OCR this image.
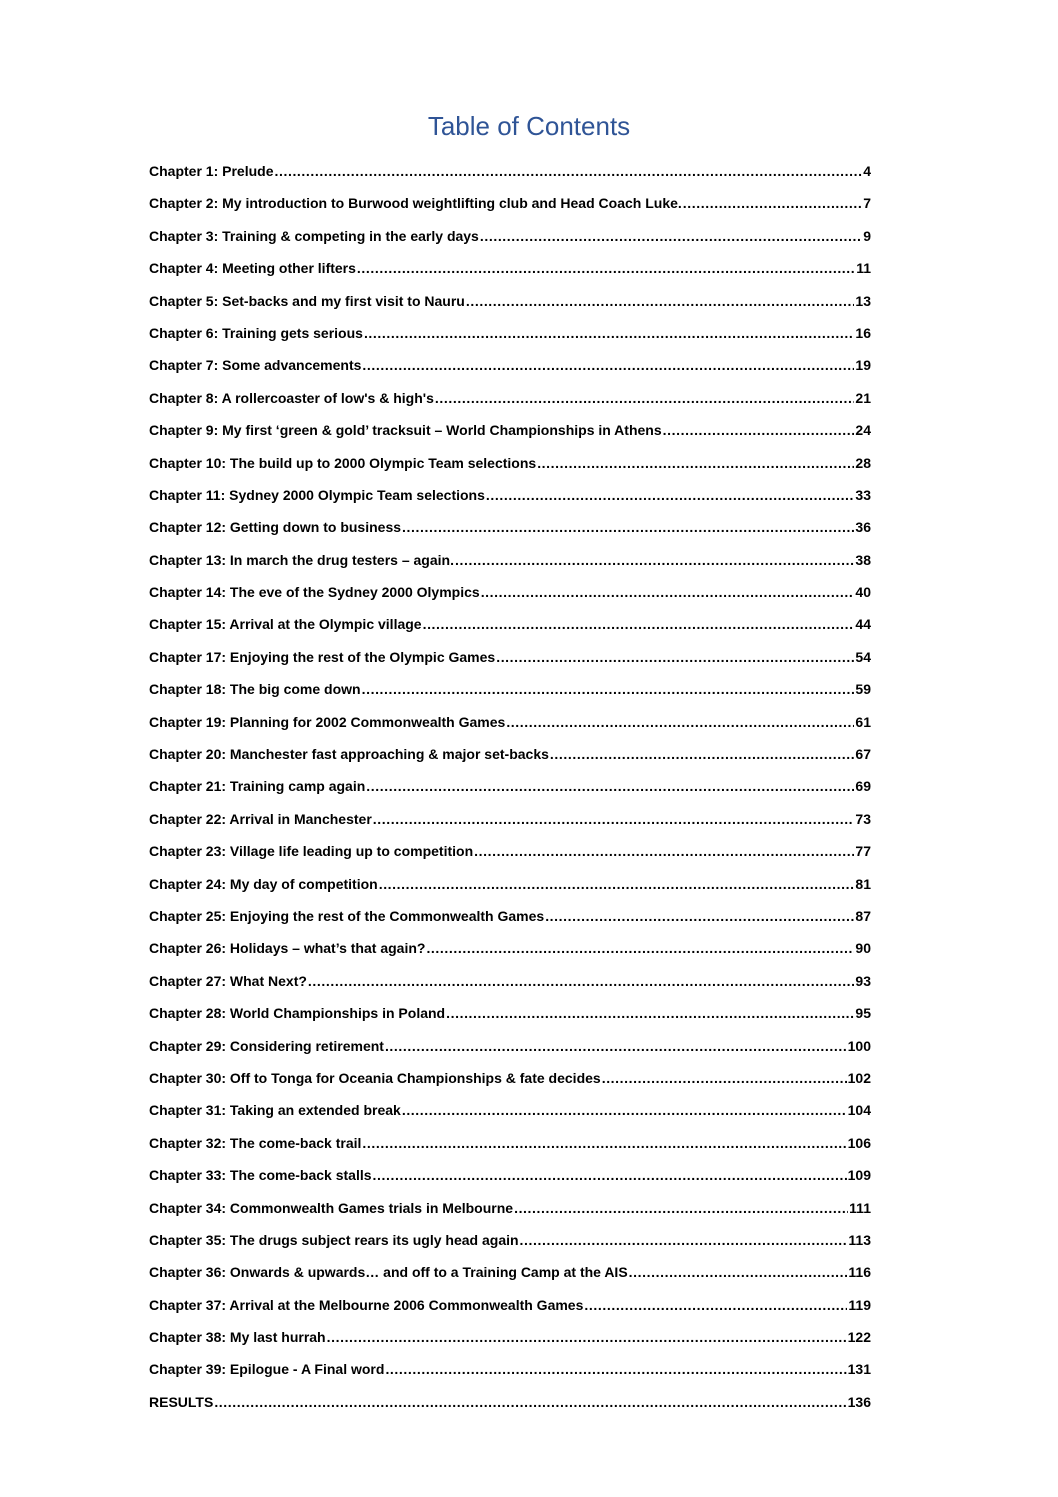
Table of Contents
Chapter 1: Prelude .....	4
Chapter 2: My introduction to Burwood weightlifting club and Head Coach Luke. .....	7
Chapter 3: Training & competing in the early days .....	9
Chapter 4: Meeting other lifters .....	11
Chapter 5: Set-backs and my first visit to Nauru .....	13
Chapter 6: Training gets serious .....	16
Chapter 7: Some advancements .....	19
Chapter 8: A rollercoaster of low's & high's .....	21
Chapter 9: My first ‘green & gold’ tracksuit – World Championships in Athens .....	24
Chapter 10: The build up to 2000 Olympic Team selections .....	28
Chapter 11: Sydney 2000 Olympic Team selections .....	33
Chapter 12: Getting down to business .....	36
Chapter 13: In march the drug testers – again. .....	38
Chapter 14: The eve of the Sydney 2000 Olympics .....	40
Chapter 15: Arrival at the Olympic village .....	44
Chapter 17: Enjoying the rest of the Olympic Games .....	54
Chapter 18: The big come down .....	59
Chapter 19: Planning for 2002 Commonwealth Games .....	61
Chapter 20: Manchester fast approaching & major set-backs .....	67
Chapter 21: Training camp again .....	69
Chapter 22: Arrival in Manchester .....	73
Chapter 23: Village life leading up to competition .....	77
Chapter 24: My day of competition .....	81
Chapter 25: Enjoying the rest of the Commonwealth Games .....	87
Chapter 26: Holidays – what’s that again? .....	90
Chapter 27: What Next? .....	93
Chapter 28: World Championships in Poland .....	95
Chapter 29: Considering retirement .....	100
Chapter 30: Off to Tonga for Oceania Championships & fate decides .....	102
Chapter 31: Taking an extended break .....	104
Chapter 32: The come-back trail .....	106
Chapter 33: The come-back stalls .....	109
Chapter 34: Commonwealth Games trials in Melbourne .....	111
Chapter 35: The drugs subject rears its ugly head again .....	113
Chapter 36: Onwards & upwards… and off to a Training Camp at the AIS .....	116
Chapter 37: Arrival at the Melbourne 2006 Commonwealth Games .....	119
Chapter 38: My last hurrah .....	122
Chapter 39: Epilogue - A Final word .....	131
RESULTS .....	136
